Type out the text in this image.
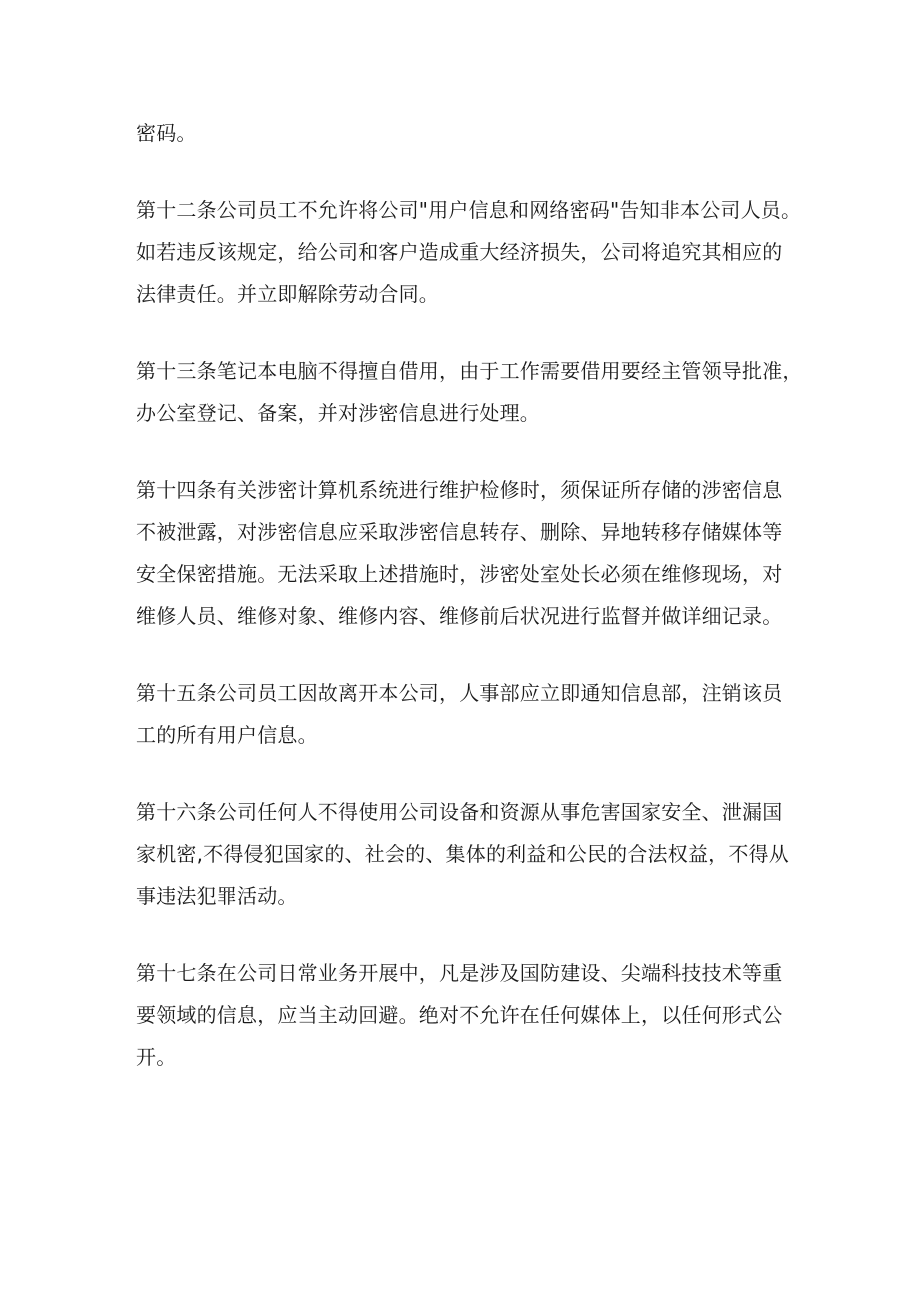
密码。

第十二条公司员工不允许将公司"用户信息和网络密码"告知非本公司人员。
如若违反该规定，给公司和客户造成重大经济损失，公司将追究其相应的
法律责任。并立即解除劳动合同。

第十三条笔记本电脑不得擅自借用，由于工作需要借用要经主管领导批准，
办公室登记、备案，并对涉密信息进行处理。

第十四条有关涉密计算机系统进行维护检修时，须保证所存储的涉密信息
不被泄露，对涉密信息应采取涉密信息转存、删除、异地转移存储媒体等
安全保密措施。无法采取上述措施时，涉密处室处长必须在维修现场，对
维修人员、维修对象、维修内容、维修前后状况进行监督并做详细记录。

第十五条公司员工因故离开本公司，人事部应立即通知信息部，注销该员
工的所有用户信息。

第十六条公司任何人不得使用公司设备和资源从事危害国家安全、泄漏国
家机密,不得侵犯国家的、社会的、集体的利益和公民的合法权益，不得从
事违法犯罪活动。

第十七条在公司日常业务开展中，凡是涉及国防建设、尖端科技技术等重
要领域的信息，应当主动回避。绝对不允许在任何媒体上，以任何形式公
开。
